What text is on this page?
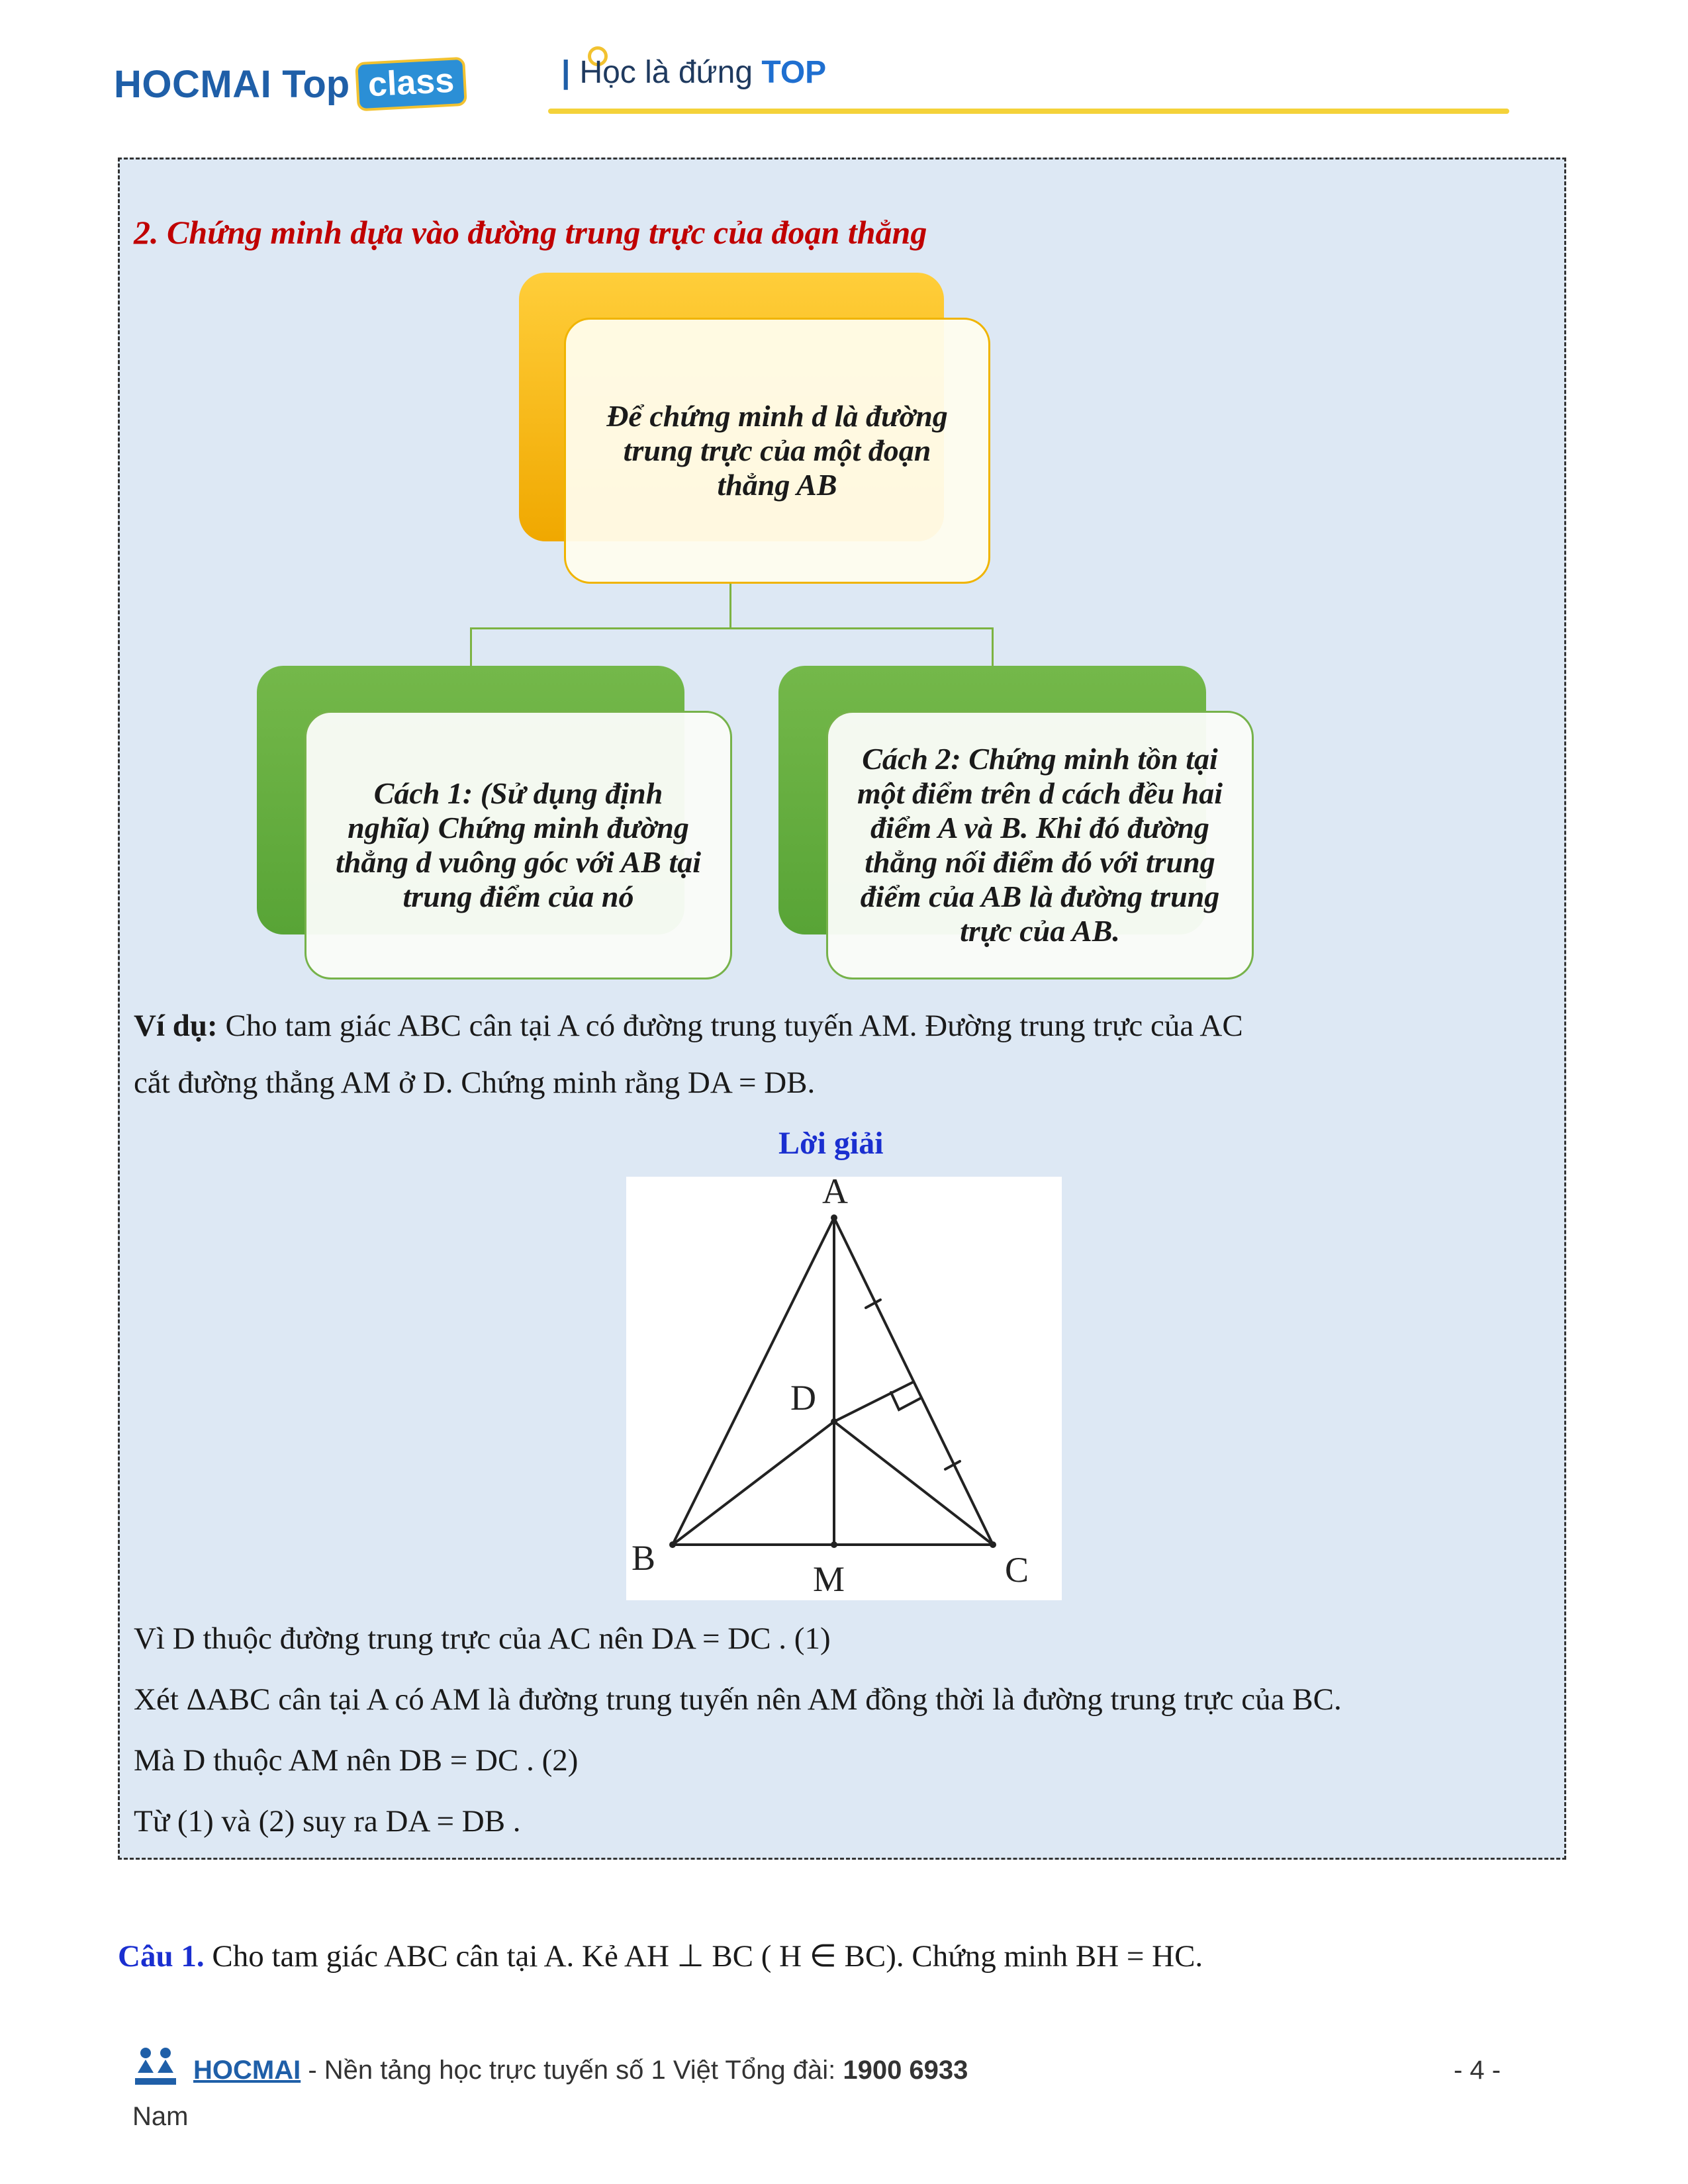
HOCMAI Top class	| Học là đứng TOP
2. Chứng minh dựa vào đường trung trực của đoạn thẳng
Để chứng minh d là đường trung trực của một đoạn thẳng AB
Cách 1: (Sử dụng định nghĩa) Chứng minh đường thẳng d vuông góc với AB tại trung điểm của nó
Cách 2: Chứng minh tồn tại một điểm trên d cách đều hai điểm A và B. Khi đó đường thẳng nối điểm đó với trung điểm của AB là đường trung trực của AB.
Ví dụ: Cho tam giác ABC cân tại A có đường trung tuyến AM. Đường trung trực của AC
cắt đường thẳng AM ở D. Chứng minh rằng DA = DB.
Lời giải
A
B	C
D
M
Vì D thuộc đường trung trực của AC nên DA = DC . (1)
Xét ΔABC cân tại A có AM là đường trung tuyến nên AM đồng thời là đường trung trực của BC.
Mà D thuộc AM nên DB = DC . (2)
Từ (1) và (2) suy ra DA = DB .
Câu 1. Cho tam giác ABC cân tại A. Kẻ AH ⊥ BC ( H ∈ BC). Chứng minh BH = HC.
HOCMAI - Nền tảng học trực tuyến số 1 Việt Tổng đài: 1900 6933	- 4 -
Nam
